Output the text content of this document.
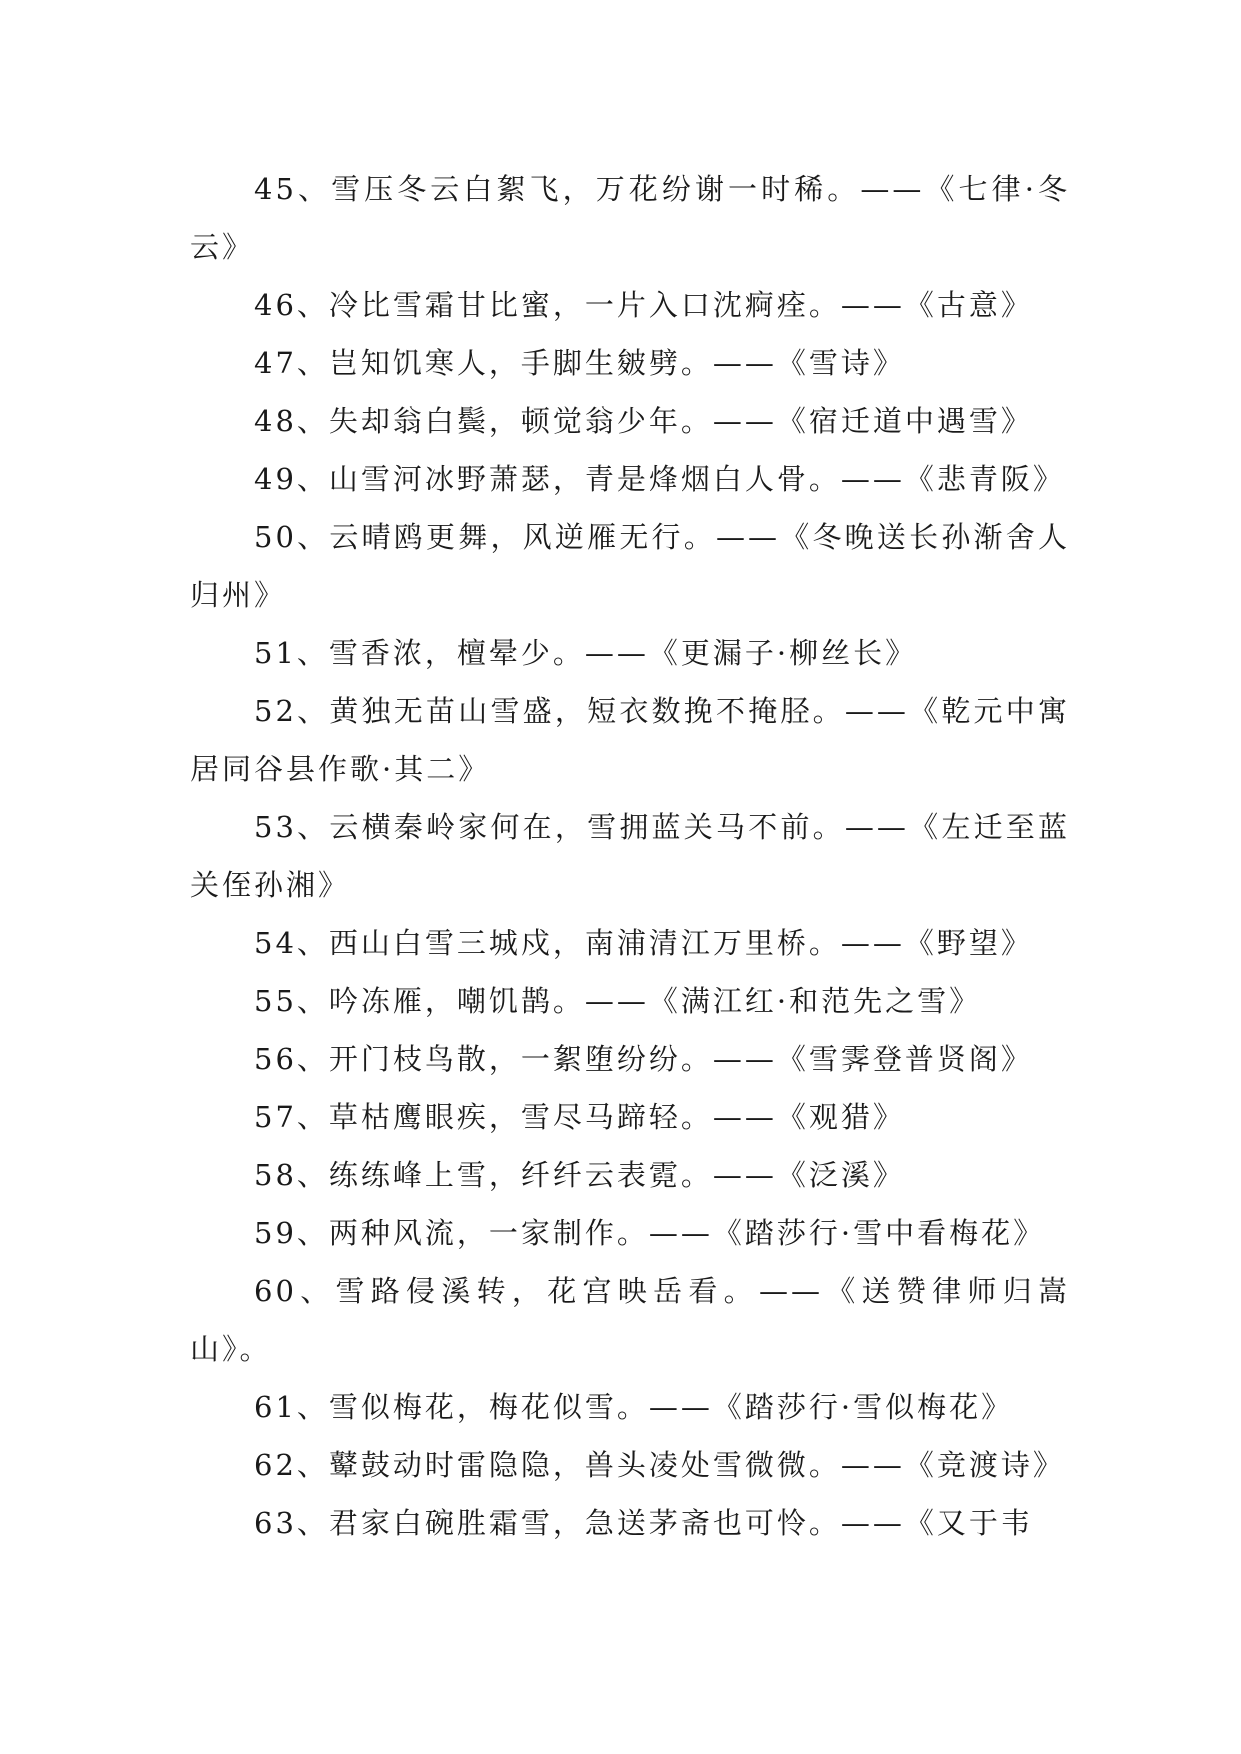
45、雪压冬云白絮飞，万花纷谢一时稀。——《七律·冬云》

46、冷比雪霜甘比蜜，一片入口沈痾痊。——《古意》

47、岂知饥寒人，手脚生皴劈。——《雪诗》

48、失却翁白鬓，顿觉翁少年。——《宿迁道中遇雪》

49、山雪河冰野萧瑟，青是烽烟白人骨。——《悲青阪》

50、云晴鸥更舞，风逆雁无行。——《冬晚送长孙渐舍人归州》

51、雪香浓，檀晕少。——《更漏子·柳丝长》

52、黄独无苗山雪盛，短衣数挽不掩胫。——《乾元中寓居同谷县作歌·其二》

53、云横秦岭家何在，雪拥蓝关马不前。——《左迁至蓝关侄孙湘》

54、西山白雪三城戍，南浦清江万里桥。——《野望》

55、吟冻雁，嘲饥鹊。——《满江红·和范先之雪》

56、开门枝鸟散，一絮堕纷纷。——《雪霁登普贤阁》

57、草枯鹰眼疾，雪尽马蹄轻。——《观猎》

58、练练峰上雪，纤纤云表霓。——《泛溪》

59、两种风流，一家制作。——《踏莎行·雪中看梅花》

60、雪路侵溪转，花宫映岳看。——《送赞律师归嵩山》。

61、雪似梅花，梅花似雪。——《踏莎行·雪似梅花》

62、鼙鼓动时雷隐隐，兽头凌处雪微微。——《竞渡诗》

63、君家白碗胜霜雪，急送茅斋也可怜。——《又于韦
